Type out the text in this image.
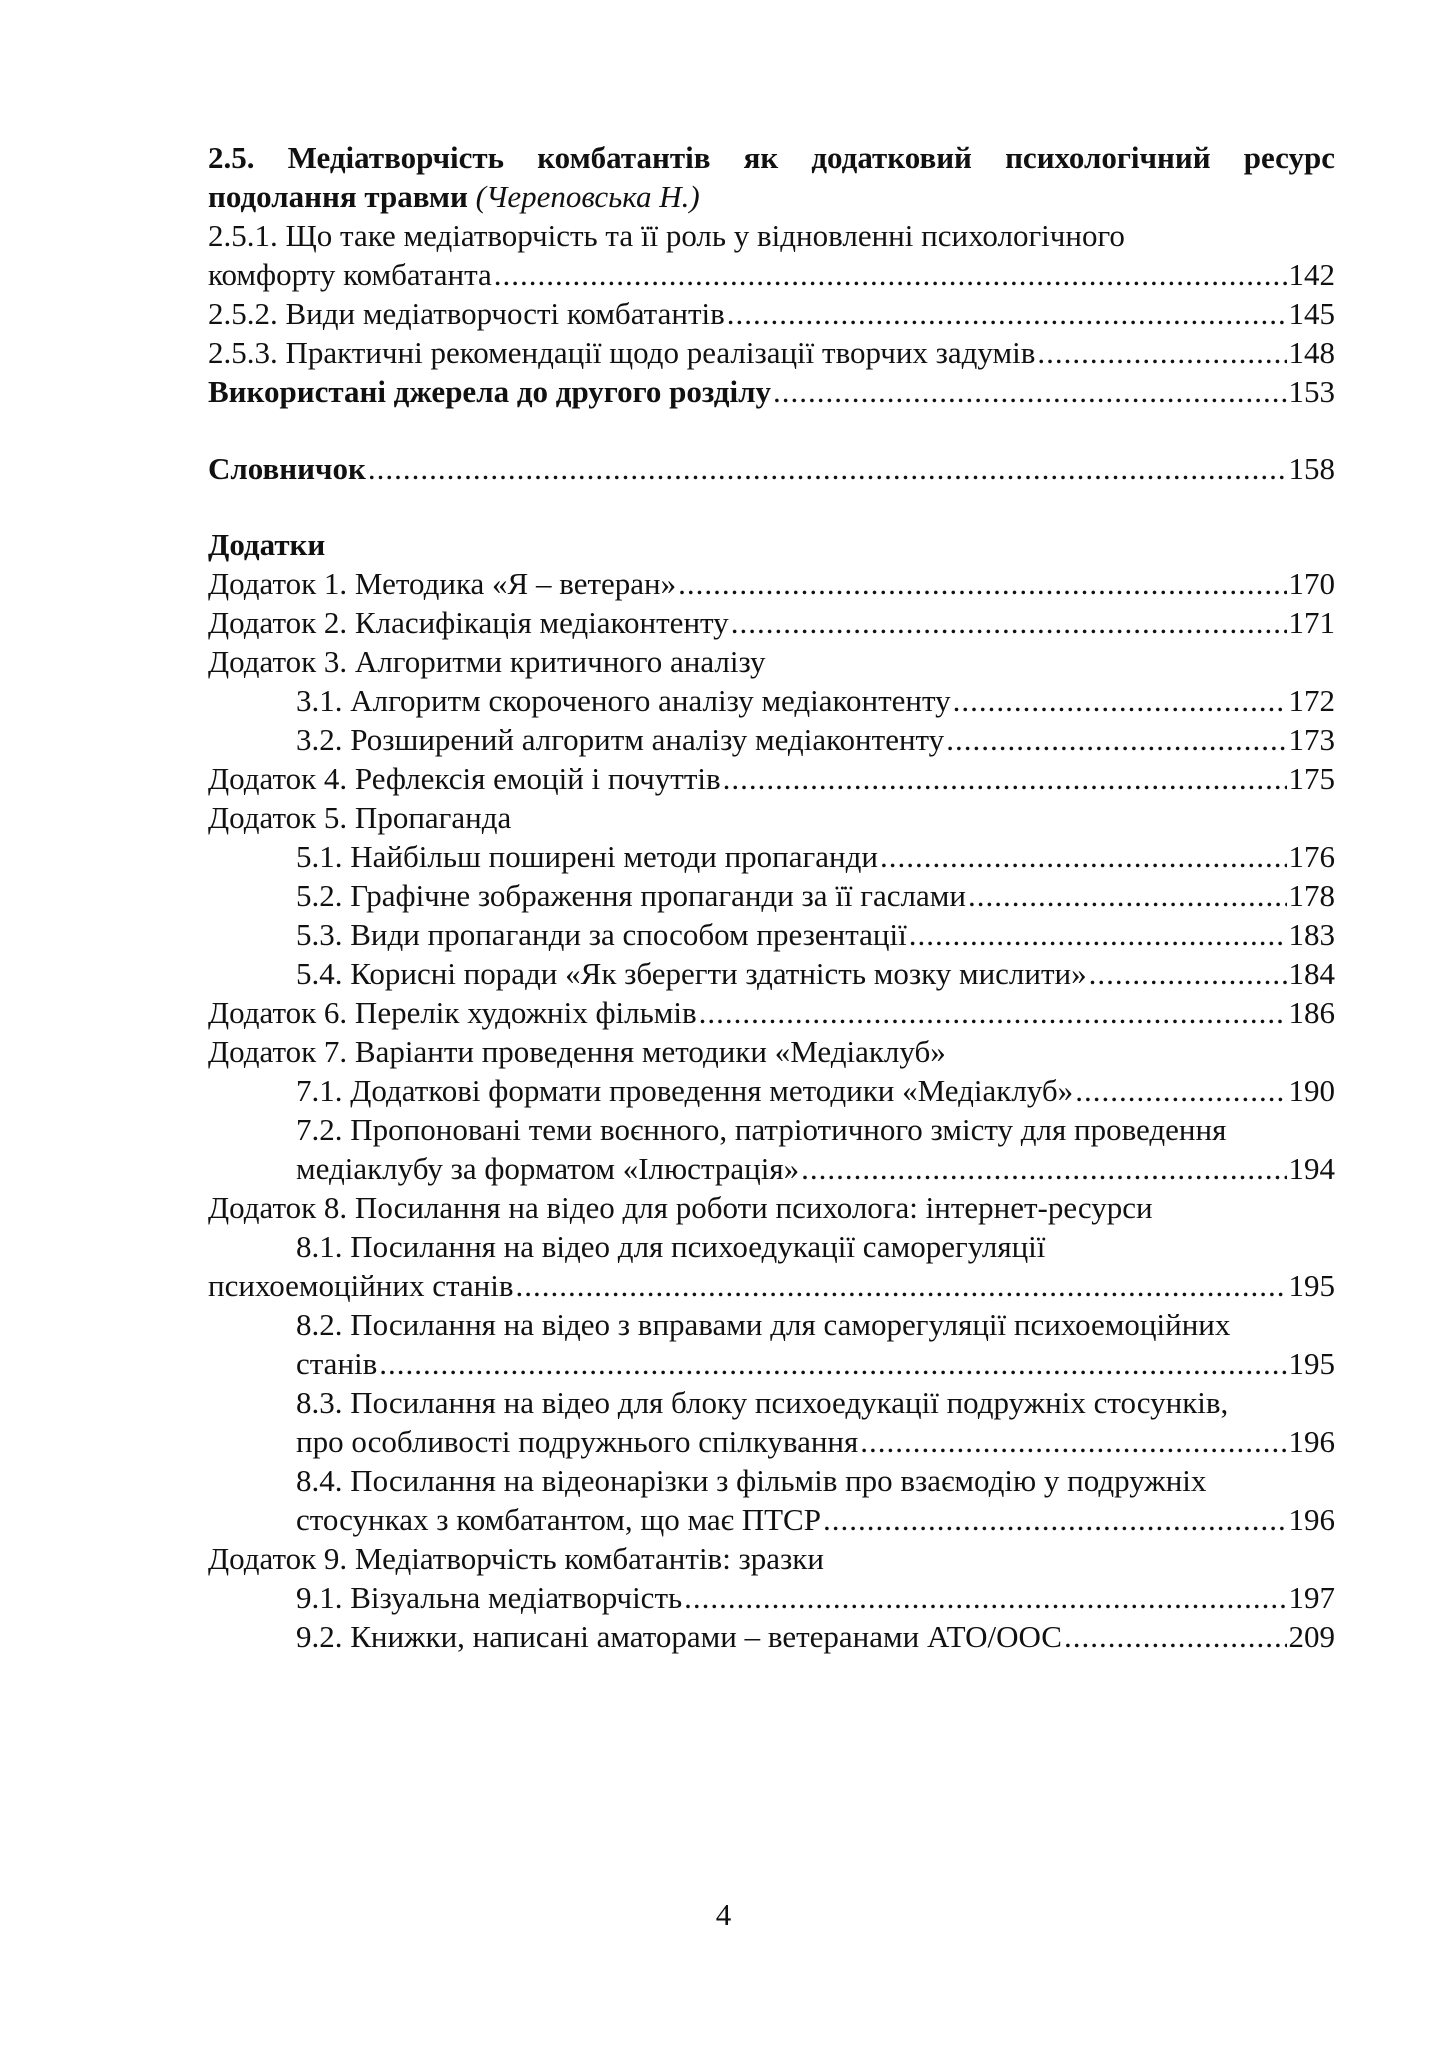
2.5. Медіатворчість комбатантів як додатковий психологічний ресурс подолання травми (Череповська Н.)
2.5.1. Що таке медіатворчість та її роль у відновленні психологічного
комфорту комбатанта .....	142
2.5.2. Види медіатворчості комбатантів .....	145
2.5.3. Практичні рекомендації щодо реалізації творчих задумів .....	148
Використані джерела до другого розділу .....	153
Словничок .....	158
Додатки
Додаток 1. Методика «Я – ветеран» .....	170
Додаток 2. Класифікація медіаконтенту .....	171
Додаток 3. Алгоритми критичного аналізу
3.1. Алгоритм скороченого аналізу медіаконтенту .....	172
3.2. Розширений алгоритм аналізу медіаконтенту .....	173
Додаток 4. Рефлексія емоцій і почуттів .....	175
Додаток 5. Пропаганда
5.1. Найбільш поширені методи пропаганди .....	176
5.2. Графічне зображення пропаганди за її гаслами .....	178
5.3. Види пропаганди за способом презентації .....	183
5.4. Корисні поради «Як зберегти здатність мозку мислити» .....	184
Додаток 6. Перелік художніх фільмів .....	186
Додаток 7. Варіанти проведення методики «Медіаклуб»
7.1. Додаткові формати проведення методики «Медіаклуб» .....	190
7.2. Пропоновані теми воєнного, патріотичного змісту для проведення
медіаклубу за форматом «Ілюстрація» .....	194
Додаток 8. Посилання на відео для роботи психолога: інтернет-ресурси
8.1. Посилання на відео для психоедукації саморегуляції
психоемоційних станів .....	195
8.2. Посилання на відео з вправами для саморегуляції психоемоційних
станів .....	195
8.3. Посилання на відео для блоку психоедукації подружніх стосунків,
про особливості подружнього спілкування .....	196
8.4. Посилання на відеонарізки з фільмів про взаємодію у подружніх
стосунках з комбатантом, що має ПТСР .....	196
Додаток 9. Медіатворчість комбатантів: зразки
9.1. Візуальна медіатворчість .....	197
9.2. Книжки, написані аматорами – ветеранами АТО/ООС .....	209
4
